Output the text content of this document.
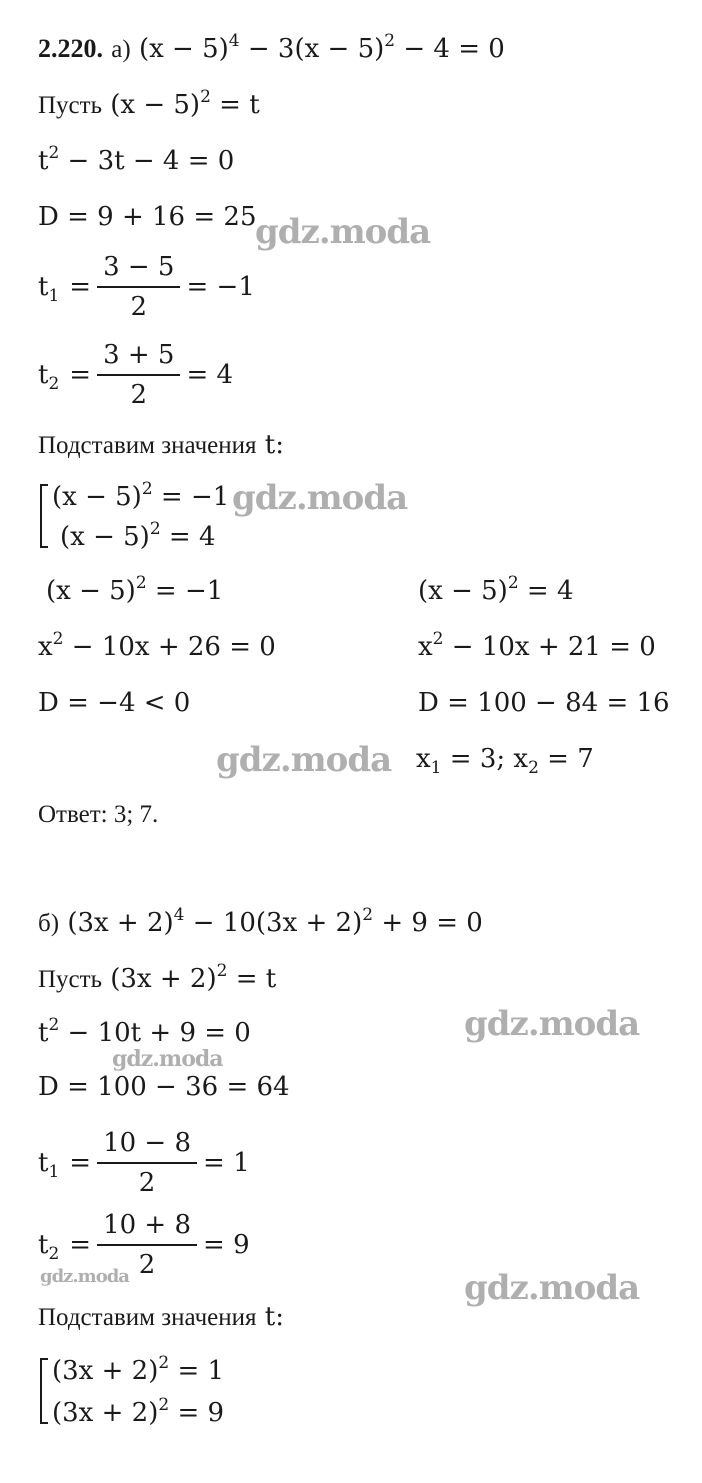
2.220. а) $(x - 5)^4 - 3(x - 5)^2 - 4 = 0$
Пусть $(x - 5)^2 = t$
$t^2 - 3t - 4 = 0$
D = 9 + 16 = 25
$t_1$ =
3 − 5
2
= −1
$t_2$ =
3 + 5
2
= 4
Подставим значения t:
$(x - 5)^2 = -1$
$(x - 5)^2 = 4$
$(x - 5)^2 = -1$
$x^2 - 10x + 26 = 0$
D = −4 < 0
$(x - 5)^2 = 4$
$x^2 - 10x + 21 = 0$
D = 100 − 84 = 16
$x_1 = 3$; $x_2 = 7$
Ответ: 3; 7.
б) $(3x + 2)^4 - 10(3x + 2)^2 + 9 = 0$
Пусть $(3x + 2)^2 = t$
$t^2 - 10t + 9 = 0$
D = 100 − 36 = 64
$t_1$ =
10 − 8
2
= 1
$t_2$ =
10 + 8
2
= 9
Подставим значения t:
$(3x + 2)^2 = 1$
$(3x + 2)^2 = 9$
gdz.moda
gdz.moda
gdz.moda
gdz.moda
gdz.moda
gdz.moda	gdz.moda
